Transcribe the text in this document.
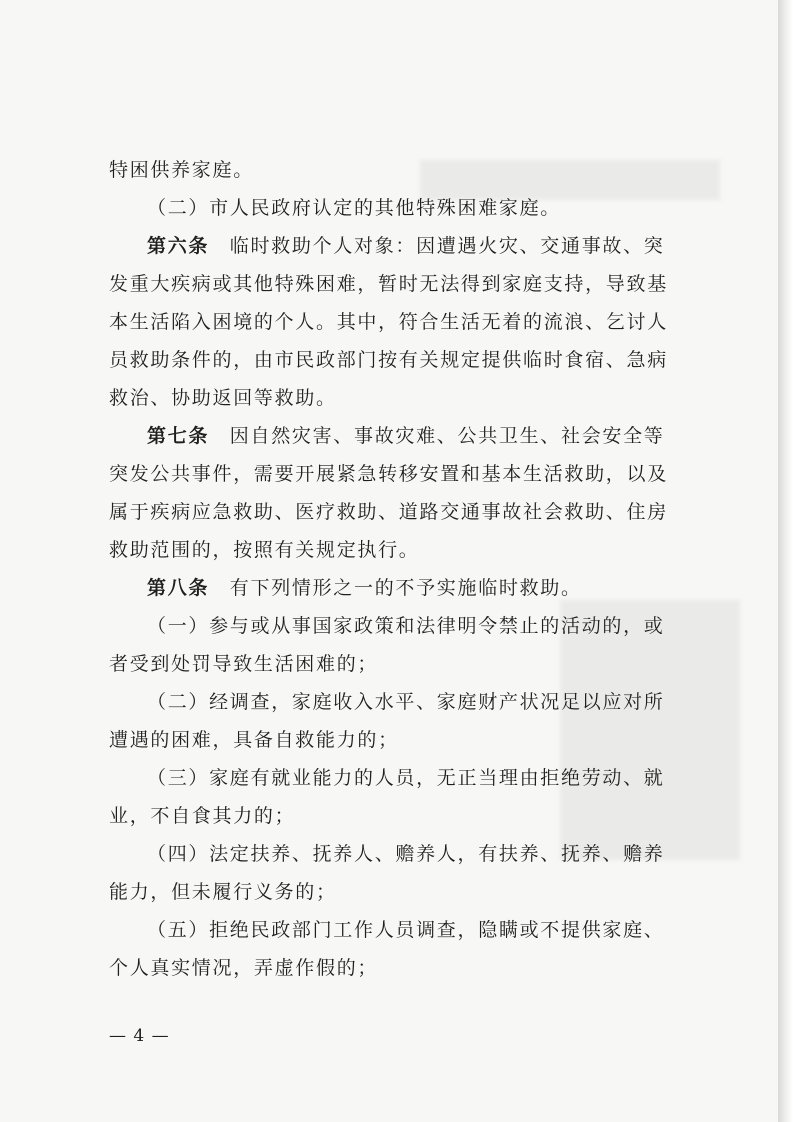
特困供养家庭。
（二）市人民政府认定的其他特殊困难家庭。
第六条　临时救助个人对象：因遭遇火灾、交通事故、突
发重大疾病或其他特殊困难，暂时无法得到家庭支持，导致基
本生活陷入困境的个人。其中，符合生活无着的流浪、乞讨人
员救助条件的，由市民政部门按有关规定提供临时食宿、急病
救治、协助返回等救助。
第七条　因自然灾害、事故灾难、公共卫生、社会安全等
突发公共事件，需要开展紧急转移安置和基本生活救助，以及
属于疾病应急救助、医疗救助、道路交通事故社会救助、住房
救助范围的，按照有关规定执行。
第八条　有下列情形之一的不予实施临时救助。
（一）参与或从事国家政策和法律明令禁止的活动的，或
者受到处罚导致生活困难的；
（二）经调查，家庭收入水平、家庭财产状况足以应对所
遭遇的困难，具备自救能力的；
（三）家庭有就业能力的人员，无正当理由拒绝劳动、就
业，不自食其力的；
（四）法定扶养、抚养人、赡养人，有扶养、抚养、赡养
能力，但未履行义务的；
（五）拒绝民政部门工作人员调查，隐瞒或不提供家庭、
个人真实情况，弄虚作假的；
— 4 —
